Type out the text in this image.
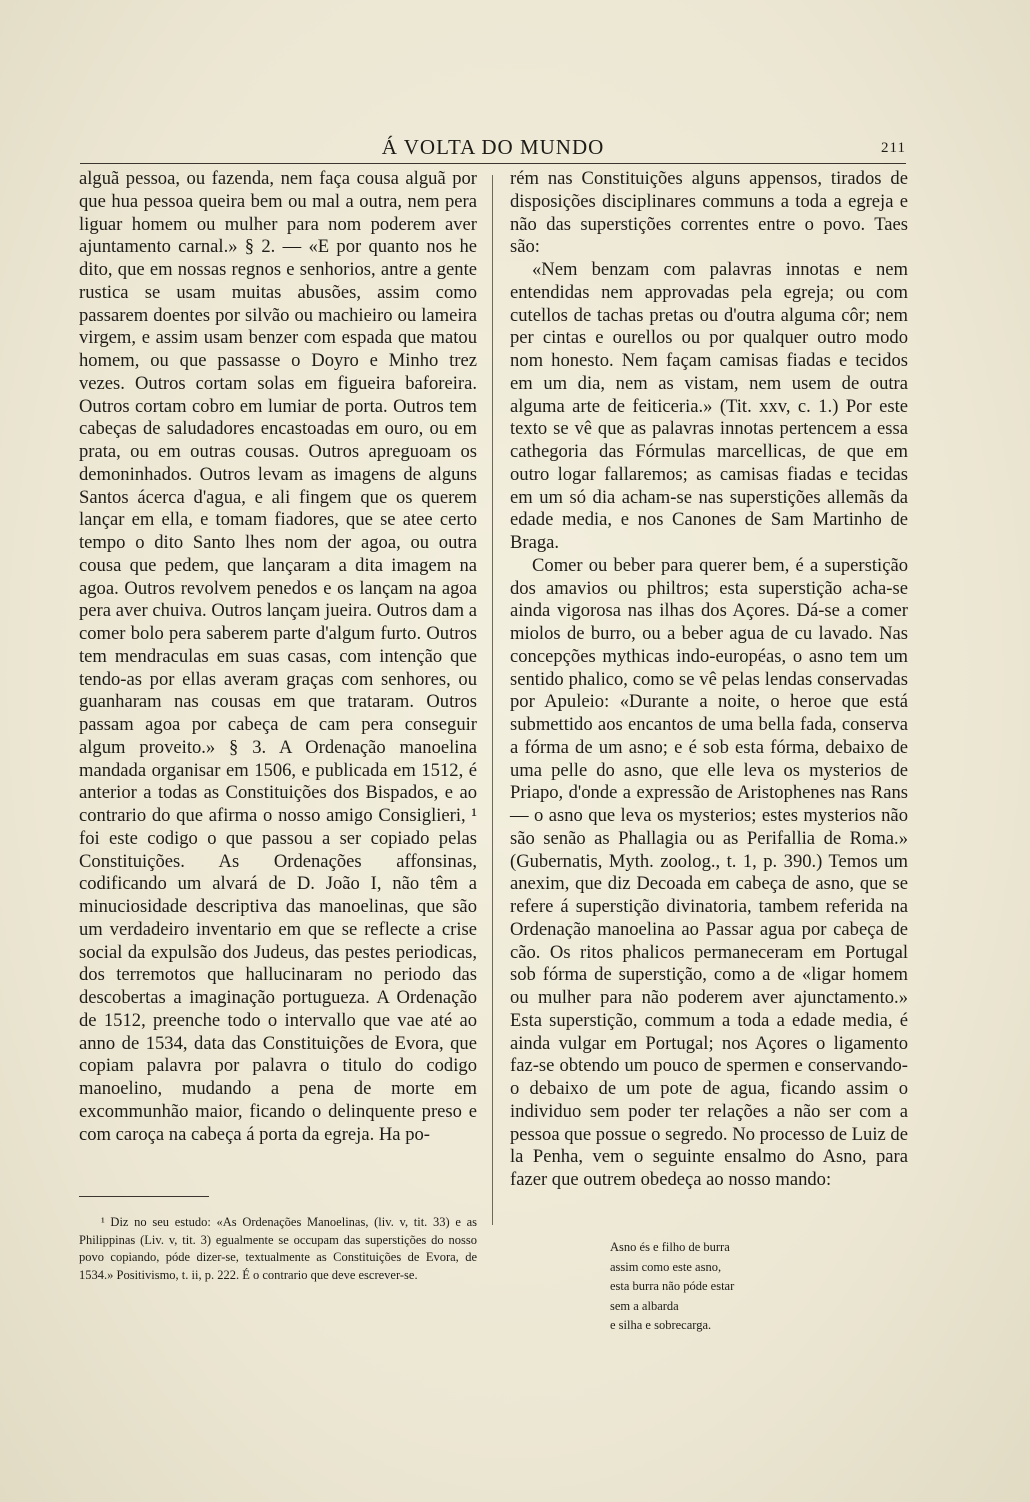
Á VOLTA DO MUNDO	211

alguã pessoa, ou fazenda, nem faça cousa alguã por que hua pessoa queira bem ou mal a outra, nem pera liguar homem ou mulher para nom poderem aver ajuntamento carnal.» § 2. — «E por quanto nos he dito, que em nossas regnos e senhorios, antre a gente rustica se usam muitas abusões, assim como passarem doentes por silvão ou machieiro ou lameira virgem, e assim usam benzer com espada que matou homem, ou que passasse o Doyro e Minho trez vezes. Outros cortam solas em figueira baforeira. Outros cortam cobro em lumiar de porta. Outros tem cabeças de saludadores encastoadas em ouro, ou em prata, ou em outras cousas. Outros apreguoam os demoninhados. Outros levam as imagens de alguns Santos ácerca d'agua, e ali fingem que os querem lançar em ella, e tomam fiadores, que se atee certo tempo o dito Santo lhes nom der agoa, ou outra cousa que pedem, que lançaram a dita imagem na agoa. Outros revolvem penedos e os lançam na agoa pera aver chuiva. Outros lançam jueira. Outros dam a comer bolo pera saberem parte d'algum furto. Outros tem mendraculas em suas casas, com intenção que tendo-as por ellas averam graças com senhores, ou guanharam nas cousas em que trataram. Outros passam agoa por cabeça de cam pera conseguir algum proveito.» § 3. A Ordenação manoelina mandada organisar em 1506, e publicada em 1512, é anterior a todas as Constituições dos Bispados, e ao contrario do que afirma o nosso amigo Consiglieri, ¹ foi este codigo o que passou a ser copiado pelas Constituições. As Ordenações affonsinas, codificando um alvará de D. João I, não têm a minuciosidade descriptiva das manoelinas, que são um verdadeiro inventario em que se reflecte a crise social da expulsão dos Judeus, das pestes periodicas, dos terremotos que hallucinaram no periodo das descobertas a imaginação portugueza. A Ordenação de 1512, preenche todo o intervallo que vae até ao anno de 1534, data das Constituições de Evora, que copiam palavra por palavra o titulo do codigo manoelino, mudando a pena de morte em excommunhão maior, ficando o delinquente preso e com caroça na cabeça á porta da egreja. Ha po-

rém nas Constituições alguns appensos, tirados de disposições disciplinares communs a toda a egreja e não das superstições correntes entre o povo. Taes são:

«Nem benzam com palavras innotas e nem entendidas nem approvadas pela egreja; ou com cutellos de tachas pretas ou d'outra alguma côr; nem per cintas e ourellos ou por qualquer outro modo nom honesto. Nem façam camisas fiadas e tecidos em um dia, nem as vistam, nem usem de outra alguma arte de feiticeria.» (Tit. xxv, c. 1.) Por este texto se vê que as palavras innotas pertencem a essa cathegoria das Fórmulas marcellicas, de que em outro logar fallaremos; as camisas fiadas e tecidas em um só dia acham-se nas superstições allemãs da edade media, e nos Canones de Sam Martinho de Braga.

Comer ou beber para querer bem, é a superstição dos amavios ou philtros; esta superstição acha-se ainda vigorosa nas ilhas dos Açores. Dá-se a comer miolos de burro, ou a beber agua de cu lavado. Nas concepções mythicas indo-européas, o asno tem um sentido phalico, como se vê pelas lendas conservadas por Apuleio: «Durante a noite, o heroe que está submettido aos encantos de uma bella fada, conserva a fórma de um asno; e é sob esta fórma, debaixo de uma pelle do asno, que elle leva os mysterios de Priapo, d'onde a expressão de Aristophenes nas Rans — o asno que leva os mysterios; estes mysterios não são senão as Phallagia ou as Perifallia de Roma.» (Gubernatis, Myth. zoolog., t. 1, p. 390.) Temos um anexim, que diz Decoada em cabeça de asno, que se refere á superstição divinatoria, tambem referida na Ordenação manoelina ao Passar agua por cabeça de cão. Os ritos phalicos permaneceram em Portugal sob fórma de superstição, como a de «ligar homem ou mulher para não poderem aver ajunctamento.» Esta superstição, commum a toda a edade media, é ainda vulgar em Portugal; nos Açores o ligamento faz-se obtendo um pouco de spermen e conservando-o debaixo de um pote de agua, ficando assim o individuo sem poder ter relações a não ser com a pessoa que possue o segredo. No processo de Luiz de la Penha, vem o seguinte ensalmo do Asno, para fazer que outrem obedeça ao nosso mando:

¹ Diz no seu estudo: «As Ordenações Manoelinas, (liv. v, tit. 33) e as Philippinas (Liv. v, tit. 3) egualmente se occupam das superstições do nosso povo copiando, póde dizer-se, textualmente as Constituições de Evora, de 1534.» Positivismo, t. ii, p. 222. É o contrario que deve escrever-se.
Asno és e filho de burra
assim como este asno,
esta burra não póde estar
sem a albarda
e silha e sobrecarga.
